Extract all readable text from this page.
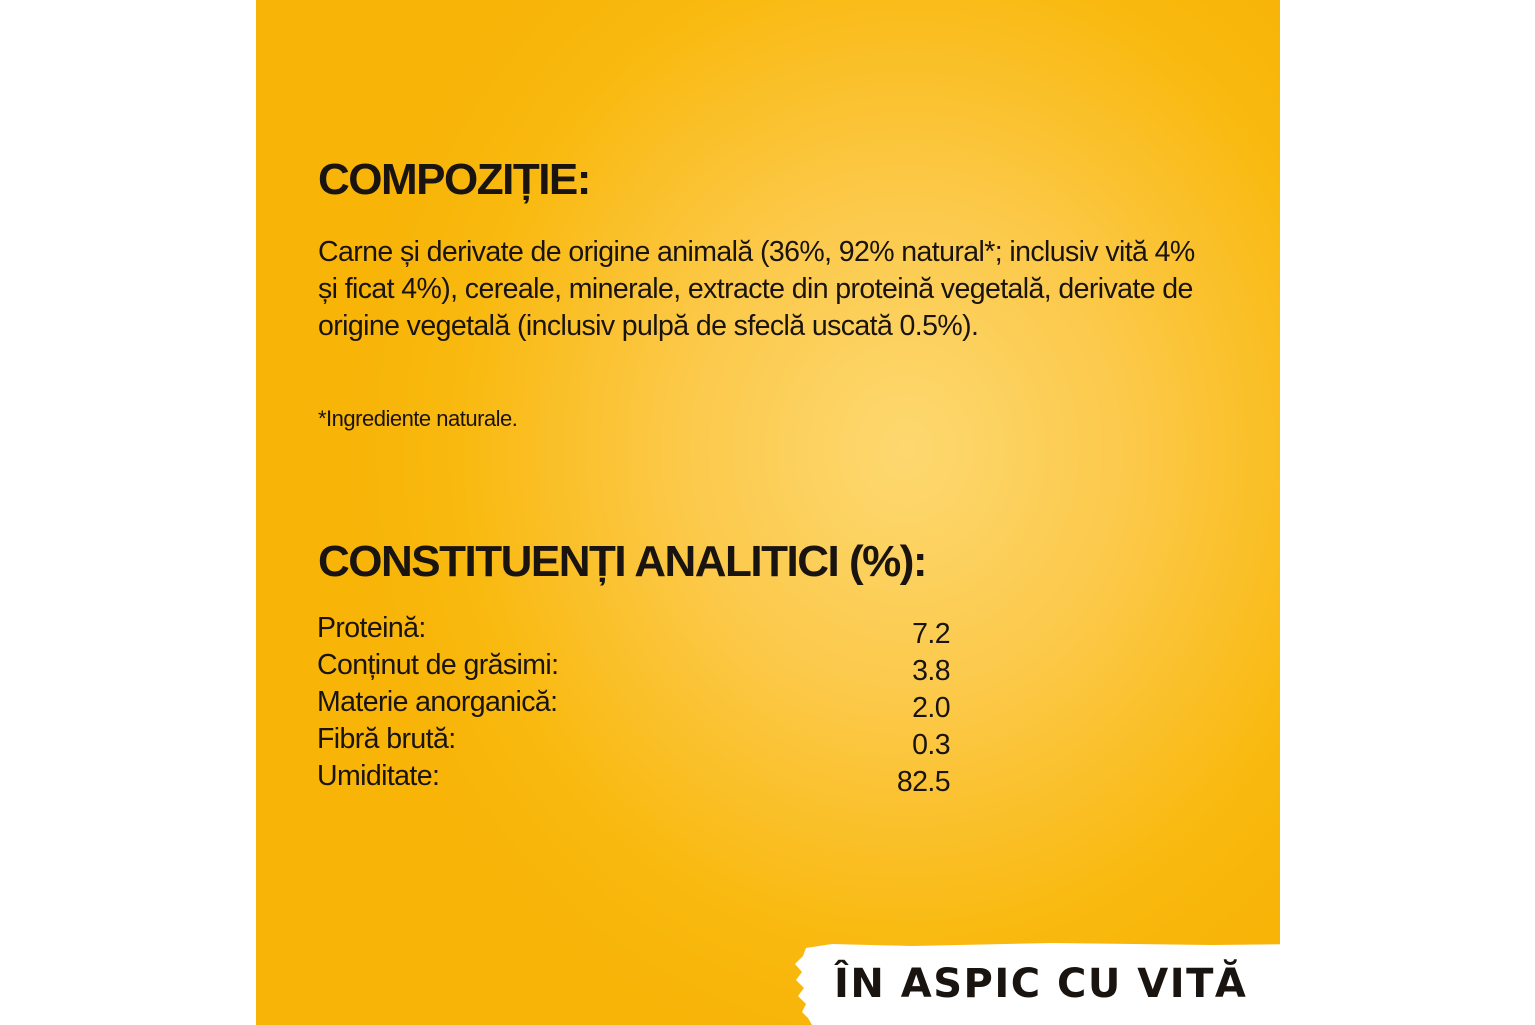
COMPOZIȚIE:

Carne și derivate de origine animală (36%, 92% natural*; inclusiv vită 4% și ficat 4%), cereale, minerale, extracte din proteină vegetală, derivate de origine vegetală (inclusiv pulpă de sfeclă uscată 0.5%).

*Ingrediente naturale.

CONSTITUENȚI ANALITICI (%):
Proteină:	7.2
Conținut de grăsimi:	3.8
Materie anorganică:	2.0
Fibră brută:	0.3
Umiditate:	82.5
ÎN ASPIC CU VITĂ
